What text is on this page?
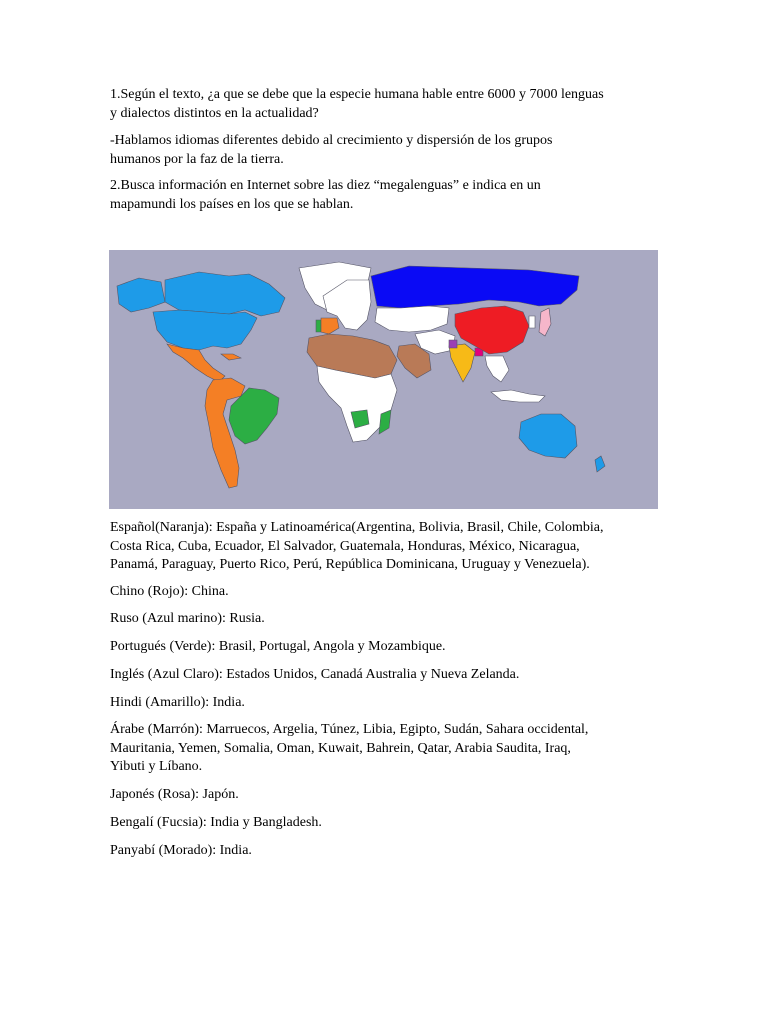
1.Según el texto, ¿a que se debe que la especie humana hable entre 6000 y 7000 lenguas
y dialectos distintos en la actualidad?

-Hablamos idiomas diferentes debido al crecimiento y dispersión de los grupos
humanos por la faz de la tierra.

2.Busca información en Internet sobre las diez “megalenguas” e indica en un
mapamundi los países en los que se hablan.

Español(Naranja): España y Latinoamérica(Argentina, Bolivia, Brasil, Chile, Colombia,
Costa Rica, Cuba, Ecuador, El Salvador, Guatemala, Honduras, México, Nicaragua,
Panamá, Paraguay, Puerto Rico, Perú, República Dominicana, Uruguay y Venezuela).

Chino (Rojo): China.

Ruso (Azul marino): Rusia.

Portugués (Verde): Brasil, Portugal, Angola y Mozambique.

Inglés (Azul Claro): Estados Unidos, Canadá Australia y Nueva Zelanda.

Hindi (Amarillo): India.

Árabe (Marrón): Marruecos, Argelia, Túnez, Libia, Egipto, Sudán, Sahara occidental,
Mauritania, Yemen, Somalia, Oman, Kuwait, Bahrein, Qatar, Arabia Saudita, Iraq,
Yibuti y Líbano.

Japonés (Rosa): Japón.

Bengalí (Fucsia): India y Bangladesh.

Panyabí (Morado): India.
